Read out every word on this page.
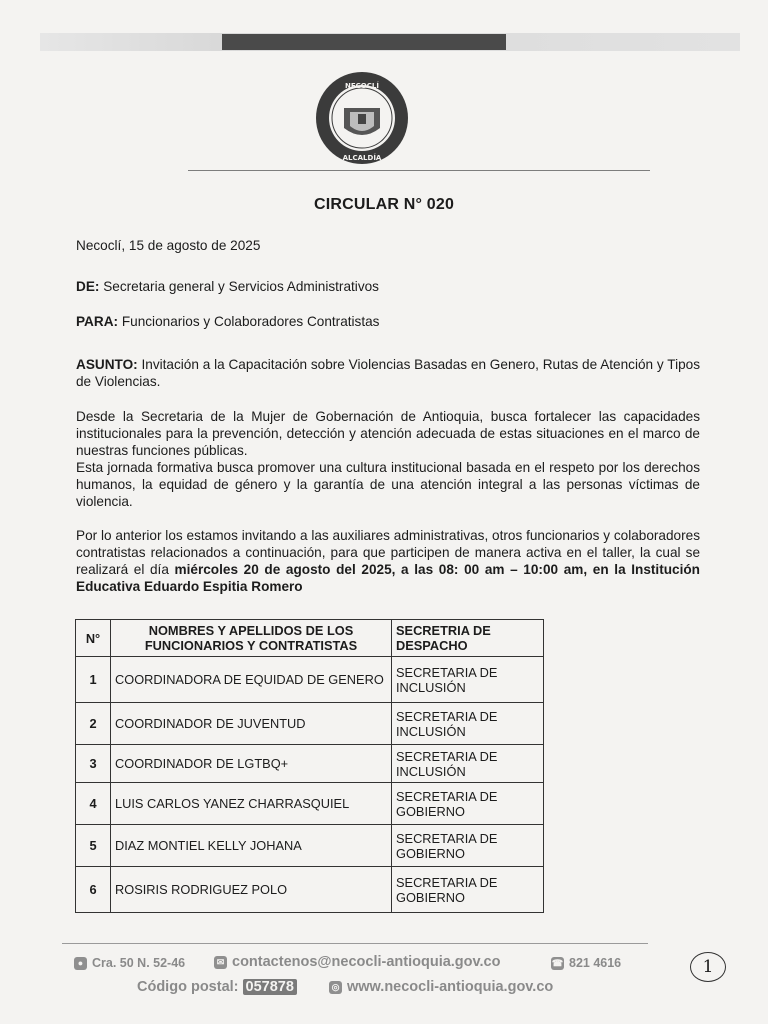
NECOCLÍ
ALCALDÍA
CIRCULAR N° 020
Necoclí, 15 de agosto de 2025
DE: Secretaria general y Servicios Administrativos
PARA: Funcionarios y Colaboradores Contratistas

ASUNTO: Invitación a la Capacitación sobre Violencias Basadas en Genero, Rutas de Atención y Tipos de Violencias.

Desde la Secretaria de la Mujer de Gobernación de Antioquia, busca fortalecer las capacidades institucionales para la prevención, detección y atención adecuada de estas situaciones en el marco de nuestras funciones públicas.

Esta jornada formativa busca promover una cultura institucional basada en el respeto por los derechos humanos, la equidad de género y la garantía de una atención integral a las personas víctimas de violencia.

Por lo anterior los estamos invitando a las auxiliares administrativas, otros funcionarios y colaboradores contratistas relacionados a continuación, para que participen de manera activa en el taller, la cual se realizará el día miércoles 20 de agosto del 2025, a las 08: 00 am – 10:00 am, en la Institución Educativa Eduardo Espitia Romero

N°	NOMBRES Y APELLIDOS DE LOS FUNCIONARIOS Y CONTRATISTAS	SECRETRIA DE DESPACHO
1	COORDINADORA DE EQUIDAD DE GENERO	SECRETARIA DE INCLUSIÓN
2	COORDINADOR DE JUVENTUD	SECRETARIA DE INCLUSIÓN
3	COORDINADOR DE LGTBQ+	SECRETARIA DE INCLUSIÓN
4	LUIS CARLOS YANEZ CHARRASQUIEL	SECRETARIA DE GOBIERNO
5	DIAZ MONTIEL KELLY JOHANA	SECRETARIA DE GOBIERNO
6	ROSIRIS RODRIGUEZ POLO	SECRETARIA DE GOBIERNO
● Cra. 50 N. 52-46	✉ contactenos@necocli-antioquia.gov.co	☎ 821 4616
Código postal: 057878	◎ www.necocli-antioquia.gov.co
1
